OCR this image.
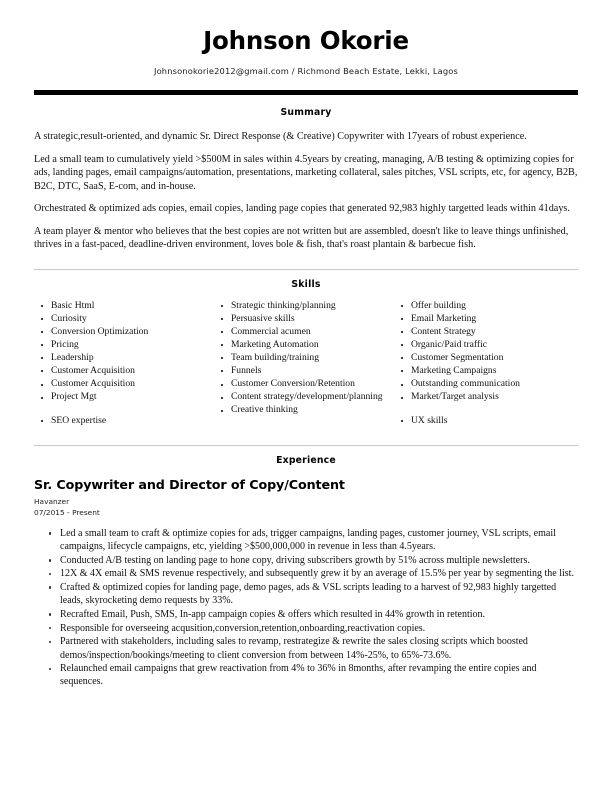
Johnson Okorie

Johnsonokorie2012@gmail.com / Richmond Beach Estate, Lekki, Lagos

Summary

A strategic,result-oriented, and dynamic Sr. Direct Response (& Creative) Copywriter with 17years of robust experience.

Led a small team to cumulatively yield >$500M in sales within 4.5years by creating, managing, A/B testing & optimizing copies for ads, landing pages, email campaigns/automation, presentations, marketing collateral, sales pitches, VSL scripts, etc, for agency, B2B, B2C, DTC, SaaS, E-com, and in-house.

Orchestrated & optimized ads copies, email copies, landing page copies that generated 92,983 highly targetted leads within 41days.

A team player & mentor who believes that the best copies are not written but are assembled, doesn't like to leave things unfinished, thrives in a fast-paced, deadline-driven environment, loves bole & fish, that's roast plantain & barbecue fish.

Skills
Basic Html
Curiosity
Conversion Optimization
Pricing
Leadership
Customer Acquisition
Customer Acquisition
Project Mgt
SEO expertise
Strategic thinking/planning
Persuasive skills
Commercial acumen
Marketing Automation
Team building/training
Funnels
Customer Conversion/Retention
Content strategy/development/planning
Creative thinking
Offer building
Email Marketing
Content Strategy
Organic/Paid traffic
Customer Segmentation
Marketing Campaigns
Outstanding communication
Market/Target analysis
UX skills
Experience
Sr. Copywriter and Director of Copy/Content

Havanzer

07/2015 - Present

Led a small team to craft & optimize copies for ads, trigger campaigns, landing pages, customer journey, VSL scripts, email campaigns, lifecycle campaigns, etc, yielding >$500,000,000 in revenue in less than 4.5years.
Conducted A/B testing on landing page to hone copy, driving subscribers growth by 51% across multiple newsletters.
12X & 4X email & SMS revenue respectively, and subsequently grew it by an average of 15.5% per year by segmenting the list.
Crafted & optimized copies for landing page, demo pages, ads & VSL scripts leading to a harvest of 92,983 highly targetted leads, skyrocketing demo requests by 33%.
Recrafted Email, Push, SMS, In-app campaign copies & offers which resulted in 44% growth in retention.
Responsible for overseeing acqusition,conversion,retention,onboarding,reactivation copies.
Partnered with stakeholders, including sales to revamp, restrategize & rewrite the sales closing scripts which boosted demos/inspection/bookings/meeting to client conversion from between 14%-25%, to 65%-73.6%.
Relaunched email campaigns that grew reactivation from 4% to 36% in 8months, after revamping the entire copies and sequences.
